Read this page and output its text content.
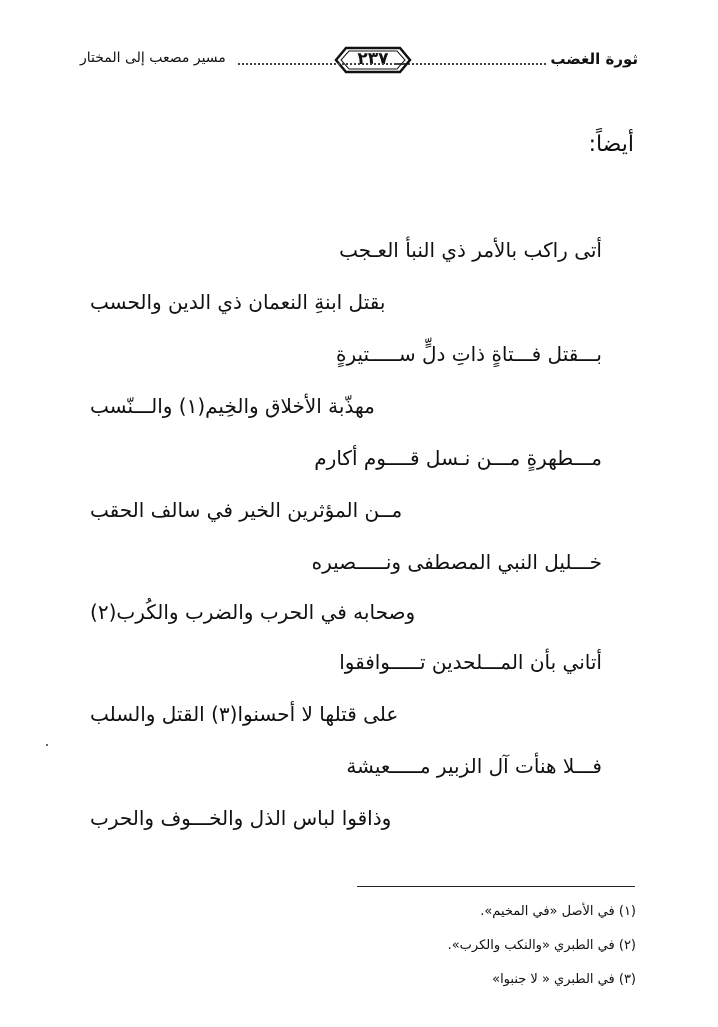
ثورة الغضب
٢٣٧
مسير مصعب إلى المختار
أيضاً:
أتى راكب بالأمر ذي النبأ العـجب
بقتل ابنةِ النعمان ذي الدين والحسب
بـــقتل فـــتاةٍ ذاتِ دلٍّ ســـــتيرةٍ
مهذّبة الأخلاق والخِيم(١) والـــنّسب
مـــطهرةٍ مـــن نـسل قــــوم أكارم
مــن المؤثرين الخير في سالف الحقب
خـــليل النبي المصطفى ونـــــصيره
وصحابه في الحرب والضرب والكُرب(٢)
أتاني بأن المـــلحدين تـــــوافقوا
على قتلها لا أحسنوا(٣) القتل والسلب
فـــلا هنأت آل الزبير مـــــعيشة
وذاقوا لباس الذل والخـــوف والحرب
(١) في الأصل «في المخيم».
(٢) في الطبري «والنكب والكرب».
(٣) في الطبري « لا جنبوا»
